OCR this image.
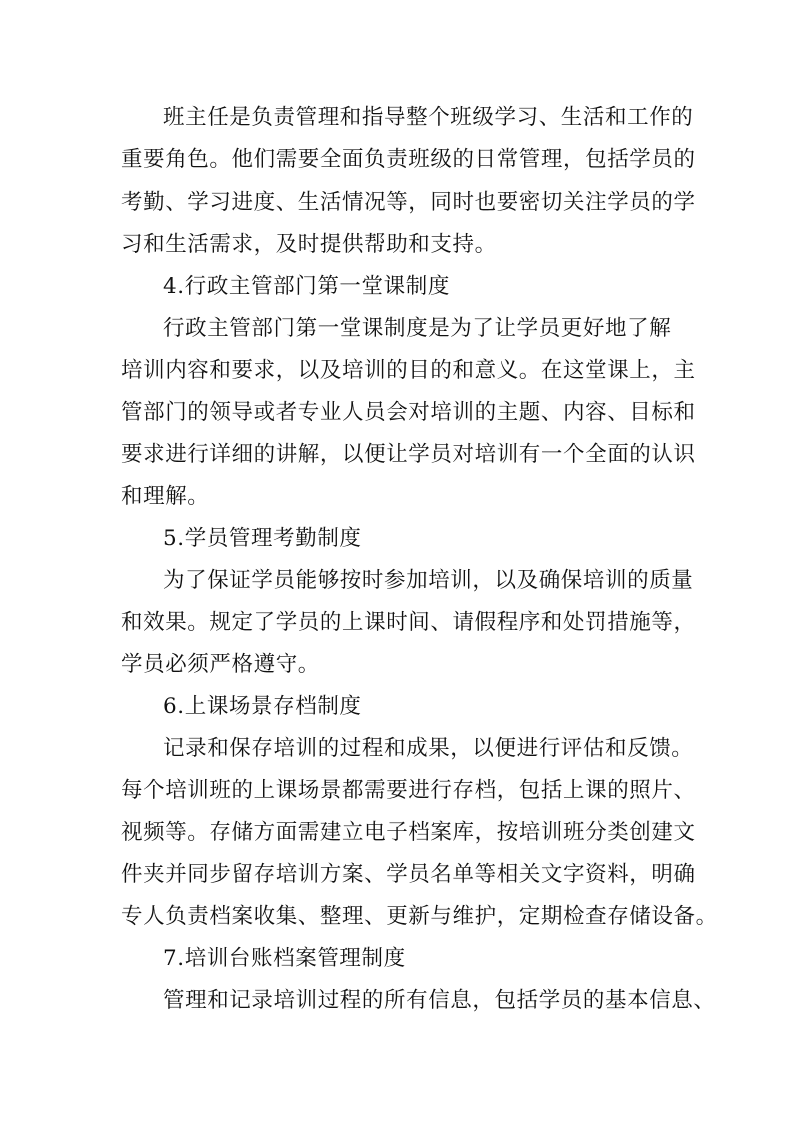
班主任是负责管理和指导整个班级学习、生活和工作的
重要角色。他们需要全面负责班级的日常管理，包括学员的
考勤、学习进度、生活情况等，同时也要密切关注学员的学
习和生活需求，及时提供帮助和支持。
4.行政主管部门第一堂课制度
行政主管部门第一堂课制度是为了让学员更好地了解
培训内容和要求，以及培训的目的和意义。在这堂课上，主
管部门的领导或者专业人员会对培训的主题、内容、目标和
要求进行详细的讲解，以便让学员对培训有一个全面的认识
和理解。
5.学员管理考勤制度
为了保证学员能够按时参加培训，以及确保培训的质量
和效果。规定了学员的上课时间、请假程序和处罚措施等，
学员必须严格遵守。
6.上课场景存档制度
记录和保存培训的过程和成果，以便进行评估和反馈。
每个培训班的上课场景都需要进行存档，包括上课的照片、
视频等。存储方面需建立电子档案库，按培训班分类创建文
件夹并同步留存培训方案、学员名单等相关文字资料，明确
专人负责档案收集、整理、更新与维护，定期检查存储设备。
7.培训台账档案管理制度
管理和记录培训过程的所有信息，包括学员的基本信息、
